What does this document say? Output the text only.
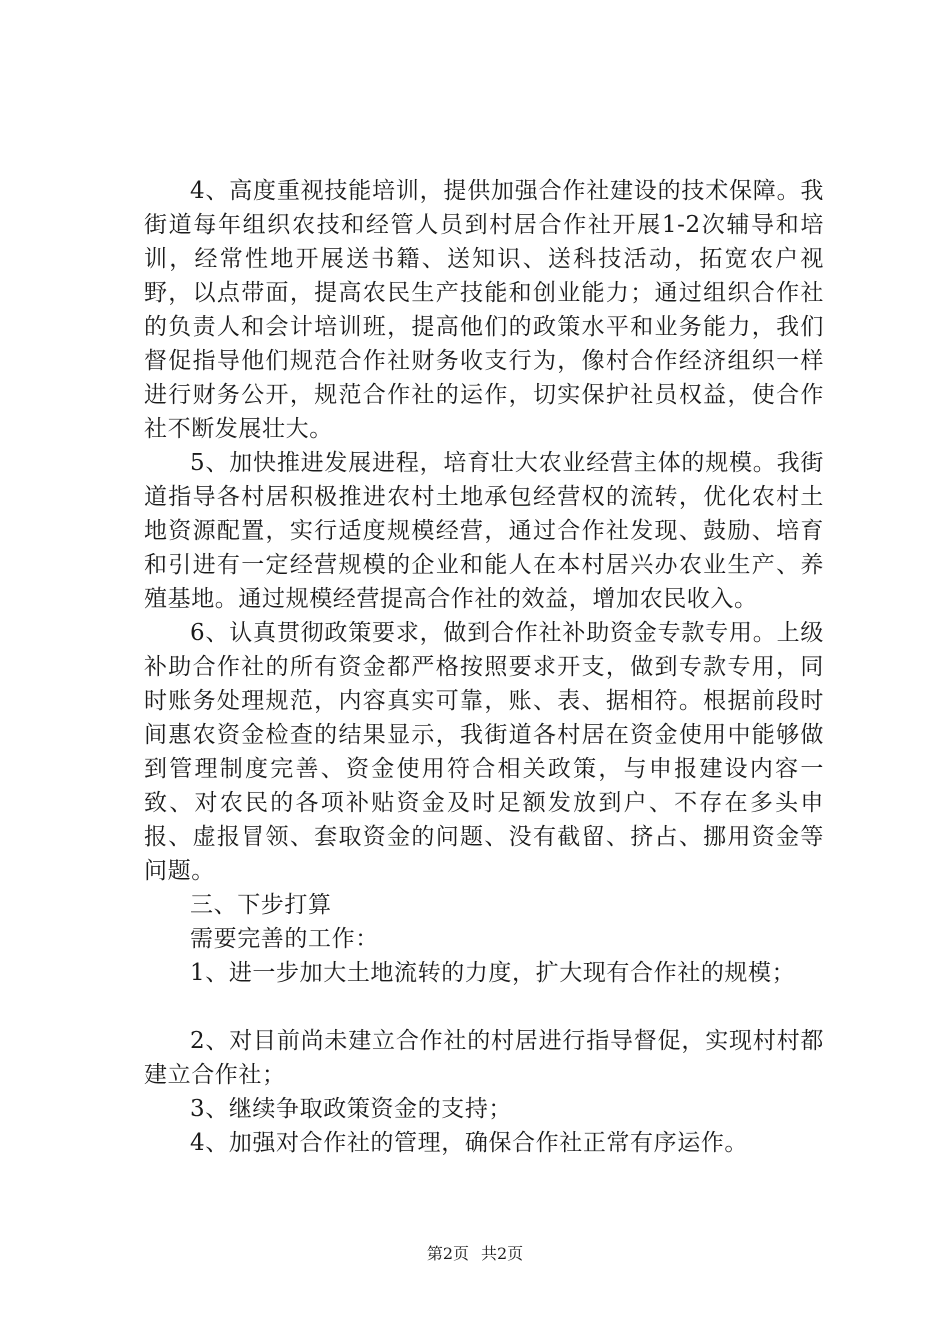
4、高度重视技能培训，提供加强合作社建设的技术保障。我街道每年组织农技和经管人员到村居合作社开展1-2次辅导和培训，经常性地开展送书籍、送知识、送科技活动，拓宽农户视野，以点带面，提高农民生产技能和创业能力；通过组织合作社的负责人和会计培训班，提高他们的政策水平和业务能力，我们督促指导他们规范合作社财务收支行为，像村合作经济组织一样进行财务公开，规范合作社的运作，切实保护社员权益，使合作社不断发展壮大。

5、加快推进发展进程，培育壮大农业经营主体的规模。我街道指导各村居积极推进农村土地承包经营权的流转，优化农村土地资源配置，实行适度规模经营，通过合作社发现、鼓励、培育和引进有一定经营规模的企业和能人在本村居兴办农业生产、养殖基地。通过规模经营提高合作社的效益，增加农民收入。

6、认真贯彻政策要求，做到合作社补助资金专款专用。上级补助合作社的所有资金都严格按照要求开支，做到专款专用，同时账务处理规范，内容真实可靠，账、表、据相符。根据前段时间惠农资金检查的结果显示，我街道各村居在资金使用中能够做到管理制度完善、资金使用符合相关政策，与申报建设内容一致、对农民的各项补贴资金及时足额发放到户、不存在多头申报、虚报冒领、套取资金的问题、没有截留、挤占、挪用资金等问题。

三、下步打算

需要完善的工作：

1、进一步加大土地流转的力度，扩大现有合作社的规模；

2、对目前尚未建立合作社的村居进行指导督促，实现村村都建立合作社；

3、继续争取政策资金的支持；

4、加强对合作社的管理，确保合作社正常有序运作。

第2页 共2页
